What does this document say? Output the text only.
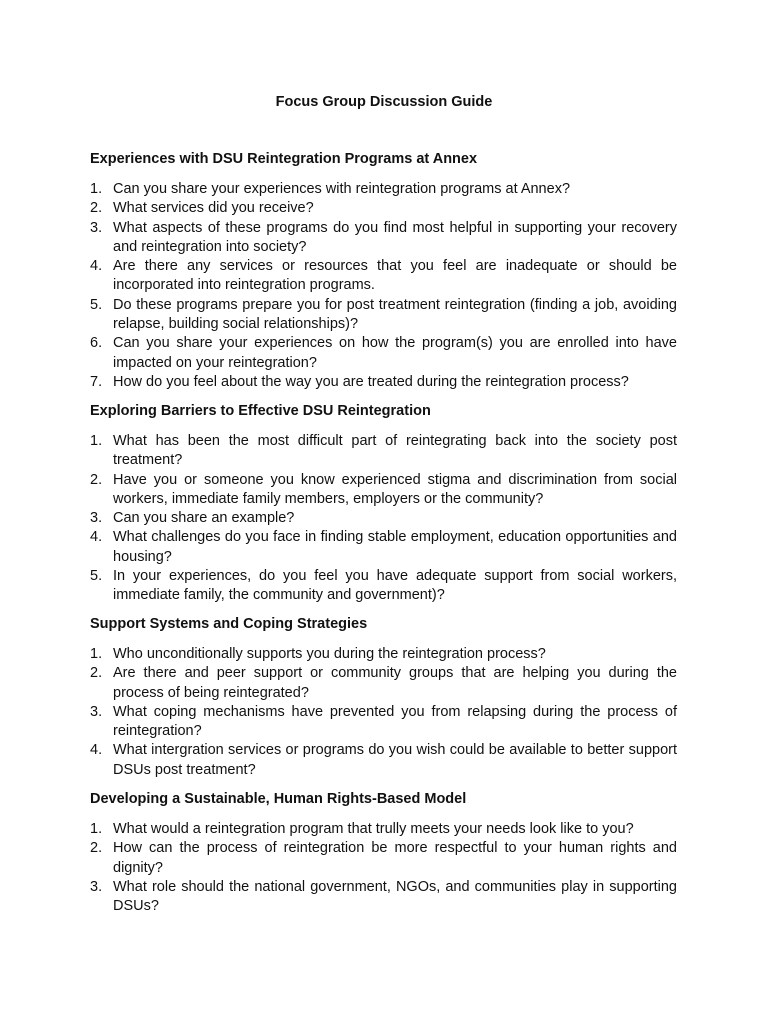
Focus Group Discussion Guide
Experiences with DSU Reintegration Programs at Annex
1. Can you share your experiences with reintegration programs at Annex?
2. What services did you receive?
3. What aspects of these programs do you find most helpful in supporting your recovery and reintegration into society?
4. Are there any services or resources that you feel are inadequate or should be incorporated into reintegration programs.
5. Do these programs prepare you for post treatment reintegration (finding a job, avoiding relapse, building social relationships)?
6. Can you share your experiences on how the program(s) you are enrolled into have impacted on your reintegration?
7. How do you feel about the way you are treated during the reintegration process?
Exploring Barriers to Effective DSU Reintegration
1. What has been the most difficult part of reintegrating back into the society post treatment?
2. Have you or someone you know experienced stigma and discrimination from social workers, immediate family members, employers or the community?
3. Can you share an example?
4. What challenges do you face in finding stable employment, education opportunities and housing?
5. In your experiences, do you feel you have adequate support from social workers, immediate family, the community and government)?
Support Systems and Coping Strategies
1. Who unconditionally supports you during the reintegration process?
2. Are there and peer support or community groups that are helping you during the process of being reintegrated?
3. What coping mechanisms have prevented you from relapsing during the process of reintegration?
4. What intergration services or programs do you wish could be available to better support DSUs post treatment?
Developing a Sustainable, Human Rights-Based Model
1. What would a reintegration program that trully meets your needs look like to you?
2. How can the process of reintegration be more respectful to your human rights and dignity?
3. What role should the national government, NGOs, and communities play in supporting DSUs?
